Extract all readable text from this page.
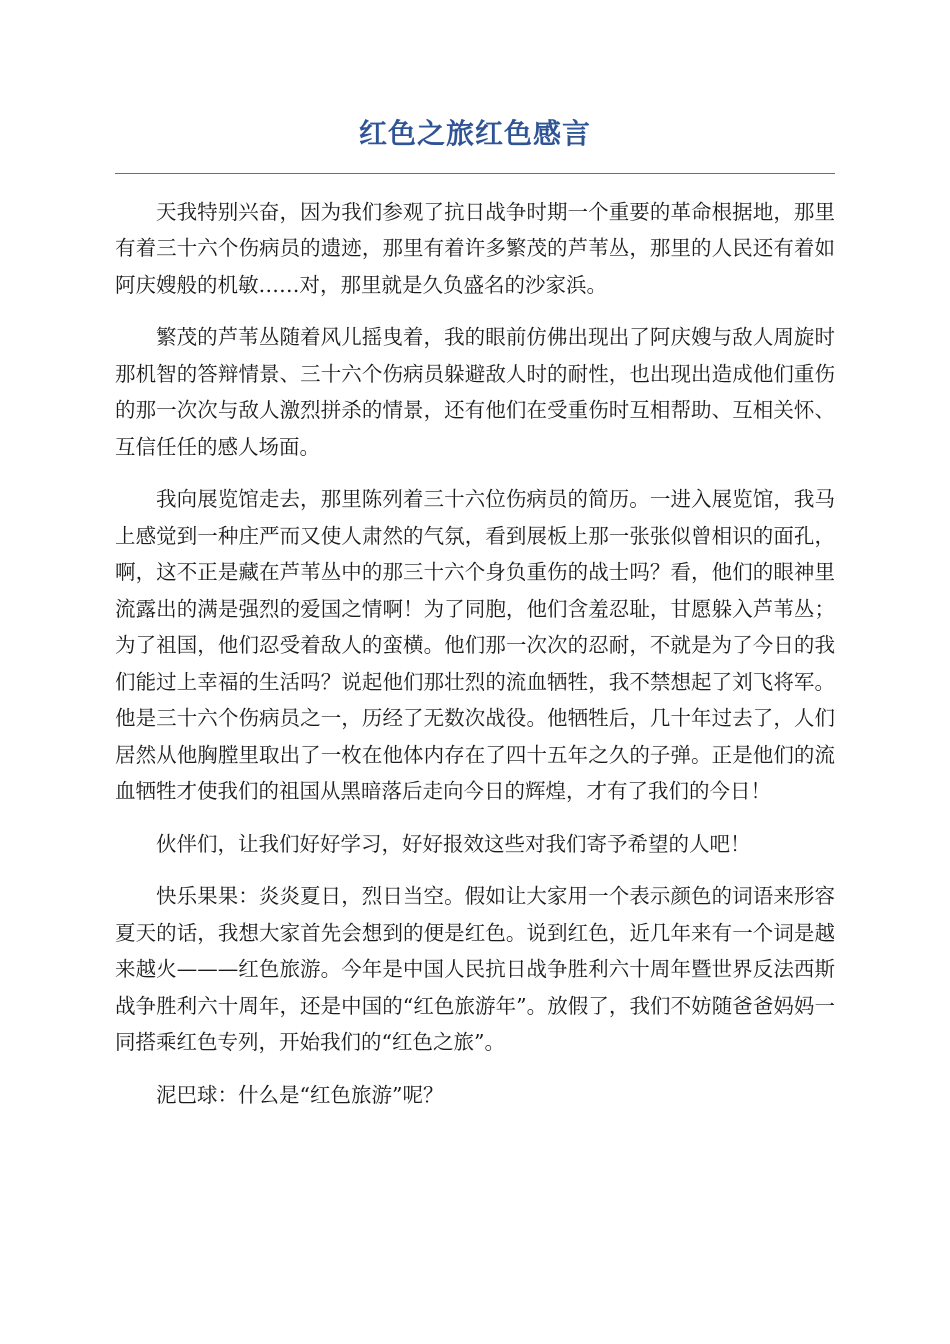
红色之旅红色感言

天我特别兴奋，因为我们参观了抗日战争时期一个重要的革命根据地，那里有着三十六个伤病员的遗迹，那里有着许多繁茂的芦苇丛，那里的人民还有着如阿庆嫂般的机敏……对，那里就是久负盛名的沙家浜。

繁茂的芦苇丛随着风儿摇曳着，我的眼前仿佛出现出了阿庆嫂与敌人周旋时那机智的答辩情景、三十六个伤病员躲避敌人时的耐性，也出现出造成他们重伤的那一次次与敌人激烈拼杀的情景，还有他们在受重伤时互相帮助、互相关怀、互信任任的感人场面。

我向展览馆走去，那里陈列着三十六位伤病员的简历。一进入展览馆，我马上感觉到一种庄严而又使人肃然的气氛，看到展板上那一张张似曾相识的面孔，啊，这不正是藏在芦苇丛中的那三十六个身负重伤的战士吗？看，他们的眼神里流露出的满是强烈的爱国之情啊！为了同胞，他们含羞忍耻，甘愿躲入芦苇丛；为了祖国，他们忍受着敌人的蛮横。他们那一次次的忍耐，不就是为了今日的我们能过上幸福的生活吗？说起他们那壮烈的流血牺牲，我不禁想起了刘飞将军。他是三十六个伤病员之一，历经了无数次战役。他牺牲后，几十年过去了，人们居然从他胸膛里取出了一枚在他体内存在了四十五年之久的子弹。正是他们的流血牺牲才使我们的祖国从黑暗落后走向今日的辉煌，才有了我们的今日！

伙伴们，让我们好好学习，好好报效这些对我们寄予希望的人吧！

快乐果果：炎炎夏日，烈日当空。假如让大家用一个表示颜色的词语来形容夏天的话，我想大家首先会想到的便是红色。说到红色，近几年来有一个词是越来越火———红色旅游。今年是中国人民抗日战争胜利六十周年暨世界反法西斯战争胜利六十周年，还是中国的“红色旅游年”。放假了，我们不妨随爸爸妈妈一同搭乘红色专列，开始我们的“红色之旅”。

泥巴球：什么是“红色旅游”呢？
